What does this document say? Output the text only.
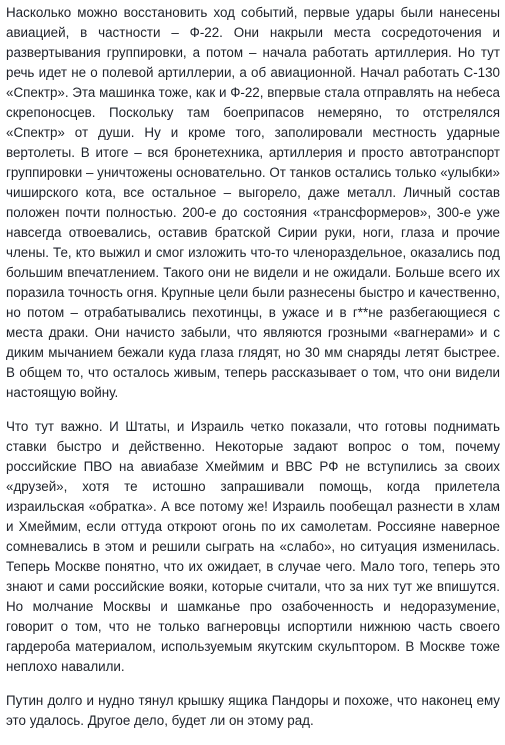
Насколько можно восстановить ход событий, первые удары были нанесены авиацией, в частности – Ф-22. Они накрыли места сосредоточения и развертывания группировки, а потом – начала работать артиллерия. Но тут речь идет не о полевой артиллерии, а об авиационной. Начал работать С-130 «Спектр». Эта машинка тоже, как и Ф-22, впервые стала отправлять на небеса скрепоносцев. Поскольку там боеприпасов немеряно, то отстрелялся «Спектр» от души. Ну и кроме того, заполировали местность ударные вертолеты. В итоге – вся бронетехника, артиллерия и просто автотранспорт группировки – уничтожены основательно. От танков остались только «улыбки» чиширского кота, все остальное – выгорело, даже металл. Личный состав положен почти полностью. 200-е до состояния «трансформеров», 300-е уже навсегда отвоевались, оставив братской Сирии руки, ноги, глаза и прочие члены. Те, кто выжил и смог изложить что-то членораздельное, оказались под большим впечатлением. Такого они не видели и не ожидали. Больше всего их поразила точность огня. Крупные цели были разнесены быстро и качественно, но потом – отрабатывались пехотинцы, в ужасе и в г**не разбегающиеся с места драки. Они начисто забыли, что являются грозными «вагнерами» и с диким мычанием бежали куда глаза глядят, но 30 мм снаряды летят быстрее. В общем то, что осталось живым, теперь рассказывает о том, что они видели настоящую войну.

Что тут важно. И Штаты, и Израиль четко показали, что готовы поднимать ставки быстро и действенно. Некоторые задают вопрос о том, почему российские ПВО на авиабазе Хмеймим и ВВС РФ не вступились за своих «друзей», хотя те истошно запрашивали помощь, когда прилетела израильская «обратка». А все потому же! Израиль пообещал разнести в хлам и Хмеймим, если оттуда откроют огонь по их самолетам. Россияне наверное сомневались в этом и решили сыграть на «слабо», но ситуация изменилась. Теперь Москве понятно, что их ожидает, в случае чего. Мало того, теперь это знают и сами российские вояки, которые считали, что за них тут же впишутся. Но молчание Москвы и шамканье про озабоченность и недоразумение, говорит о том, что не только вагнеровцы испортили нижнюю часть своего гардероба материалом, используемым якутским скульптором. В Москве тоже неплохо навалили.

Путин долго и нудно тянул крышку ящика Пандоры и похоже, что наконец ему это удалось. Другое дело, будет ли он этому рад.
